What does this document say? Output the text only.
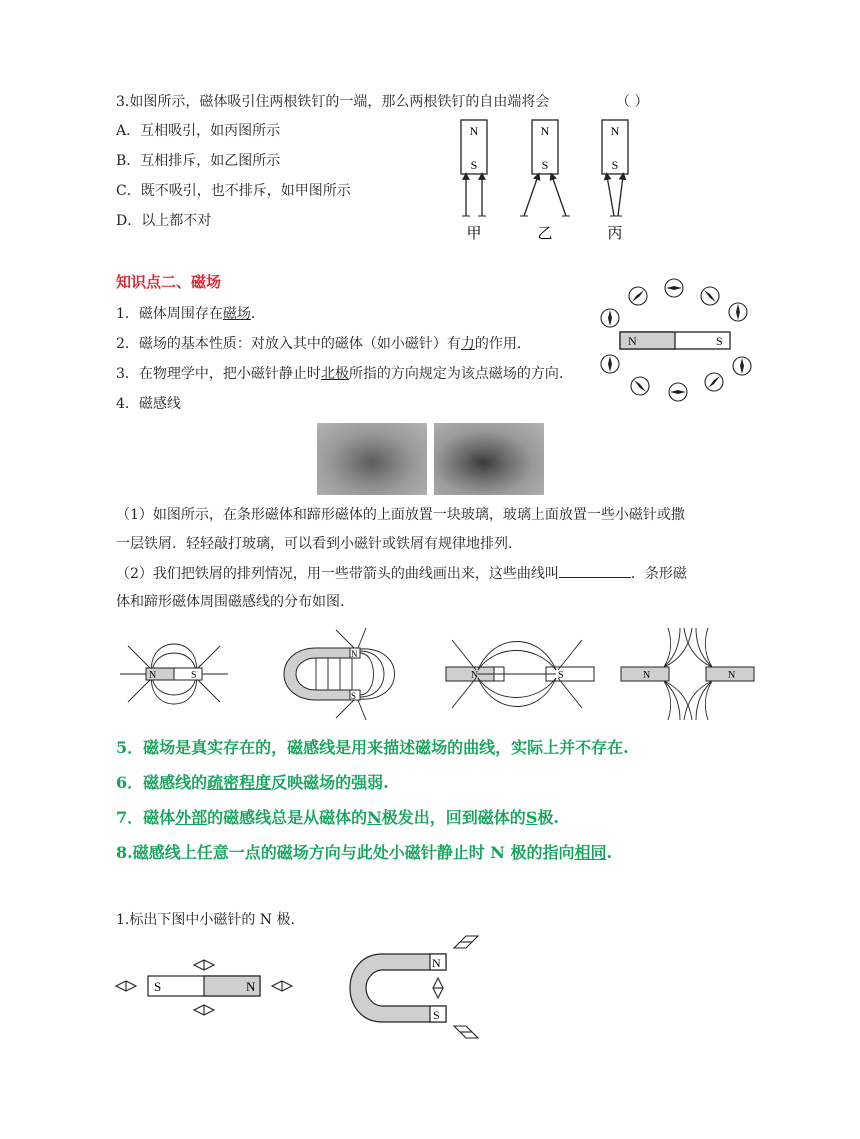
3.如图所示，磁体吸引住两根铁钉的一端，那么两根铁钉的自由端将会	（ ）
A．互相吸引，如丙图所示
B．互相排斥，如乙图所示
C．既不吸引，也不排斥，如甲图所示
D．以上都不对
N
S
N
S
N
S
甲	乙	丙
知识点二、磁场
1．磁体周围存在磁场.
2．磁场的基本性质：对放入其中的磁体（如小磁针）有力的作用.
3．在物理学中，把小磁针静止时北极所指的方向规定为该点磁场的方向.
4．磁感线
N	S
（1）如图所示，在条形磁体和蹄形磁体的上面放置一块玻璃，玻璃上面放置一些小磁针或撒
一层铁屑．轻轻敲打玻璃，可以看到小磁针或铁屑有规律地排列.
（2）我们把铁屑的排列情况，用一些带箭头的曲线画出来，这些曲线叫	．条形磁
体和蹄形磁体周围磁感线的分布如图.
N	S
N
S
N	S	N	N
5．磁场是真实存在的，磁感线是用来描述磁场的曲线，实际上并不存在.
6．磁感线的疏密程度反映磁场的强弱.
7．磁体外部的磁感线总是从磁体的N极发出，回到磁体的S极.
8.磁感线上任意一点的磁场方向与此处小磁针静止时 N 极的指向相同.
1.标出下图中小磁针的 N 极.
S	N
N
S
